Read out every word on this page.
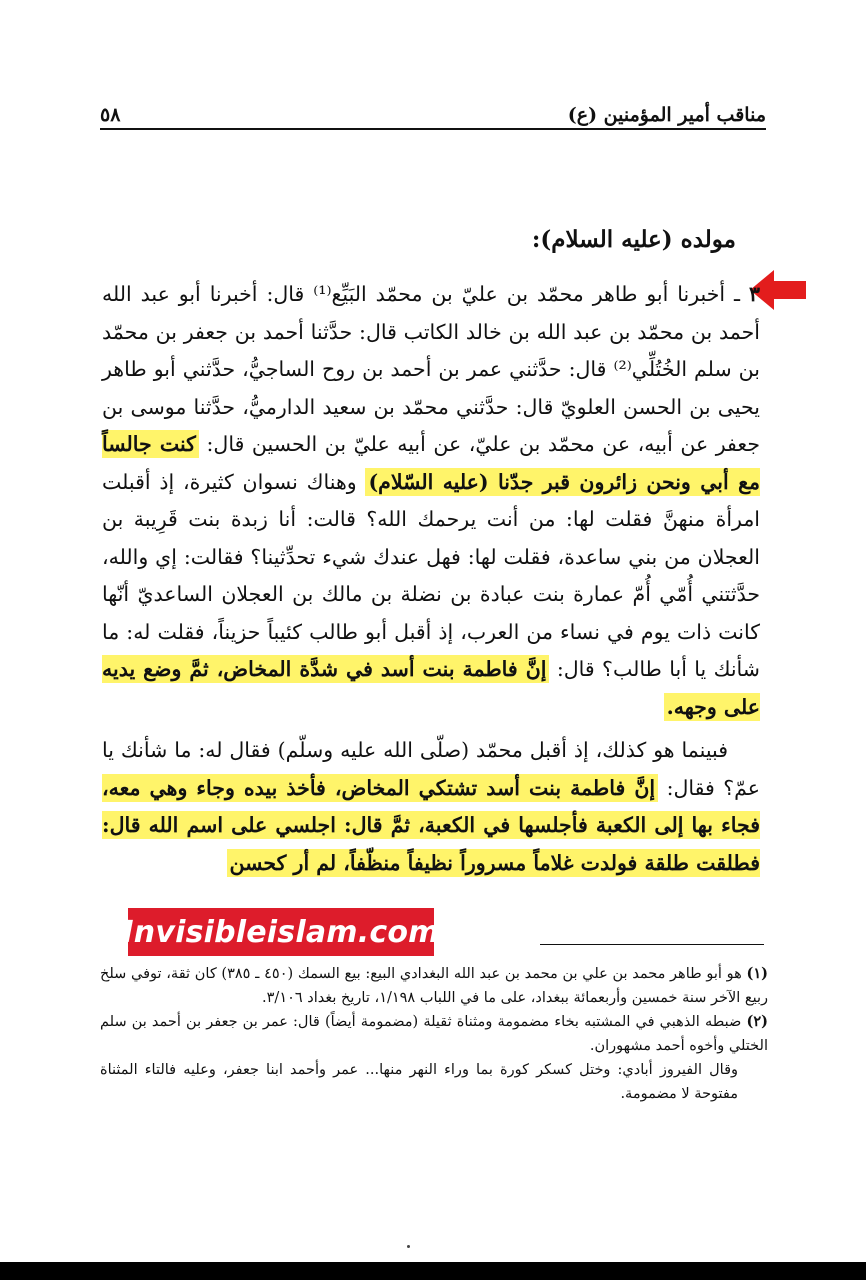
مناقب أمير المؤمنين (ع)
٥٨
مولده (عليه السلام):

٣ ـ أخبرنا أبو طاهر محمّد بن عليّ بن محمّد البَيِّع⁽¹⁾ قال: أخبرنا أبو عبد الله أحمد بن محمّد بن عبد الله بن خالد الكاتب قال: حدَّثنا أحمد بن جعفر بن محمّد بن سلم الخُتُلِّي⁽²⁾ قال: حدَّثني عمر بن أحمد بن روح الساجيُّ، حدَّثني أبو طاهر يحيى بن الحسن العلويّ قال: حدَّثني محمّد بن سعيد الدارميُّ، حدَّثنا موسى بن جعفر عن أبيه، عن محمّد بن عليّ، عن أبيه عليّ بن الحسين قال: كنت جالساً مع أبي ونحن زائرون قبر جدّنا (عليه السّلام) وهناك نسوان كثيرة، إذ أقبلت امرأة منهنَّ فقلت لها: من أنت يرحمك الله؟ قالت: أنا زبدة بنت قَرِيبة بن العجلان من بني ساعدة، فقلت لها: فهل عندك شيء تحدِّثينا؟ فقالت: إي والله، حدَّثتني أُمّي أُمّ عمارة بنت عبادة بن نضلة بن مالك بن العجلان الساعديّ أنّها كانت ذات يوم في نساء من العرب، إذ أقبل أبو طالب كئيباً حزيناً، فقلت له: ما شأنك يا أبا طالب؟ قال: إنَّ فاطمة بنت أسد في شدَّة المخاض، ثمَّ وضع يديه على وجهه.

فبينما هو كذلك، إذ أقبل محمّد (صلّى الله عليه وسلّم) فقال له: ما شأنك يا عمّ؟ فقال: إنَّ فاطمة بنت أسد تشتكي المخاض، فأخذ بيده وجاء وهي معه، فجاء بها إلى الكعبة فأجلسها في الكعبة، ثمَّ قال: اجلسي على اسم الله قال: فطلقت طلقة فولدت غلاماً مسروراً نظيفاً منظّفاً، لم أر كحسن

Invisibleislam.com

(١) هو أبو طاهر محمد بن علي بن محمد بن عبد الله البغدادي البيع: بيع السمك (٤٥٠ ـ ٣٨٥) كان ثقة، توفي سلخ ربيع الآخر سنة خمسين وأربعمائة ببغداد، على ما في اللباب ١/١٩٨، تاريخ بغداد ٣/١٠٦.

(٢) ضبطه الذهبي في المشتبه بخاء مضمومة ومثناة ثقيلة (مضمومة أيضاً) قال: عمر بن جعفر بن أحمد بن سلم الختلي وأخوه أحمد مشهوران.

وقال الفيروز أبادي: وختل كسكر كورة بما وراء النهر منها... عمر وأحمد ابنا جعفر، وعليه فالتاء المثناة مفتوحة لا مضمومة.
